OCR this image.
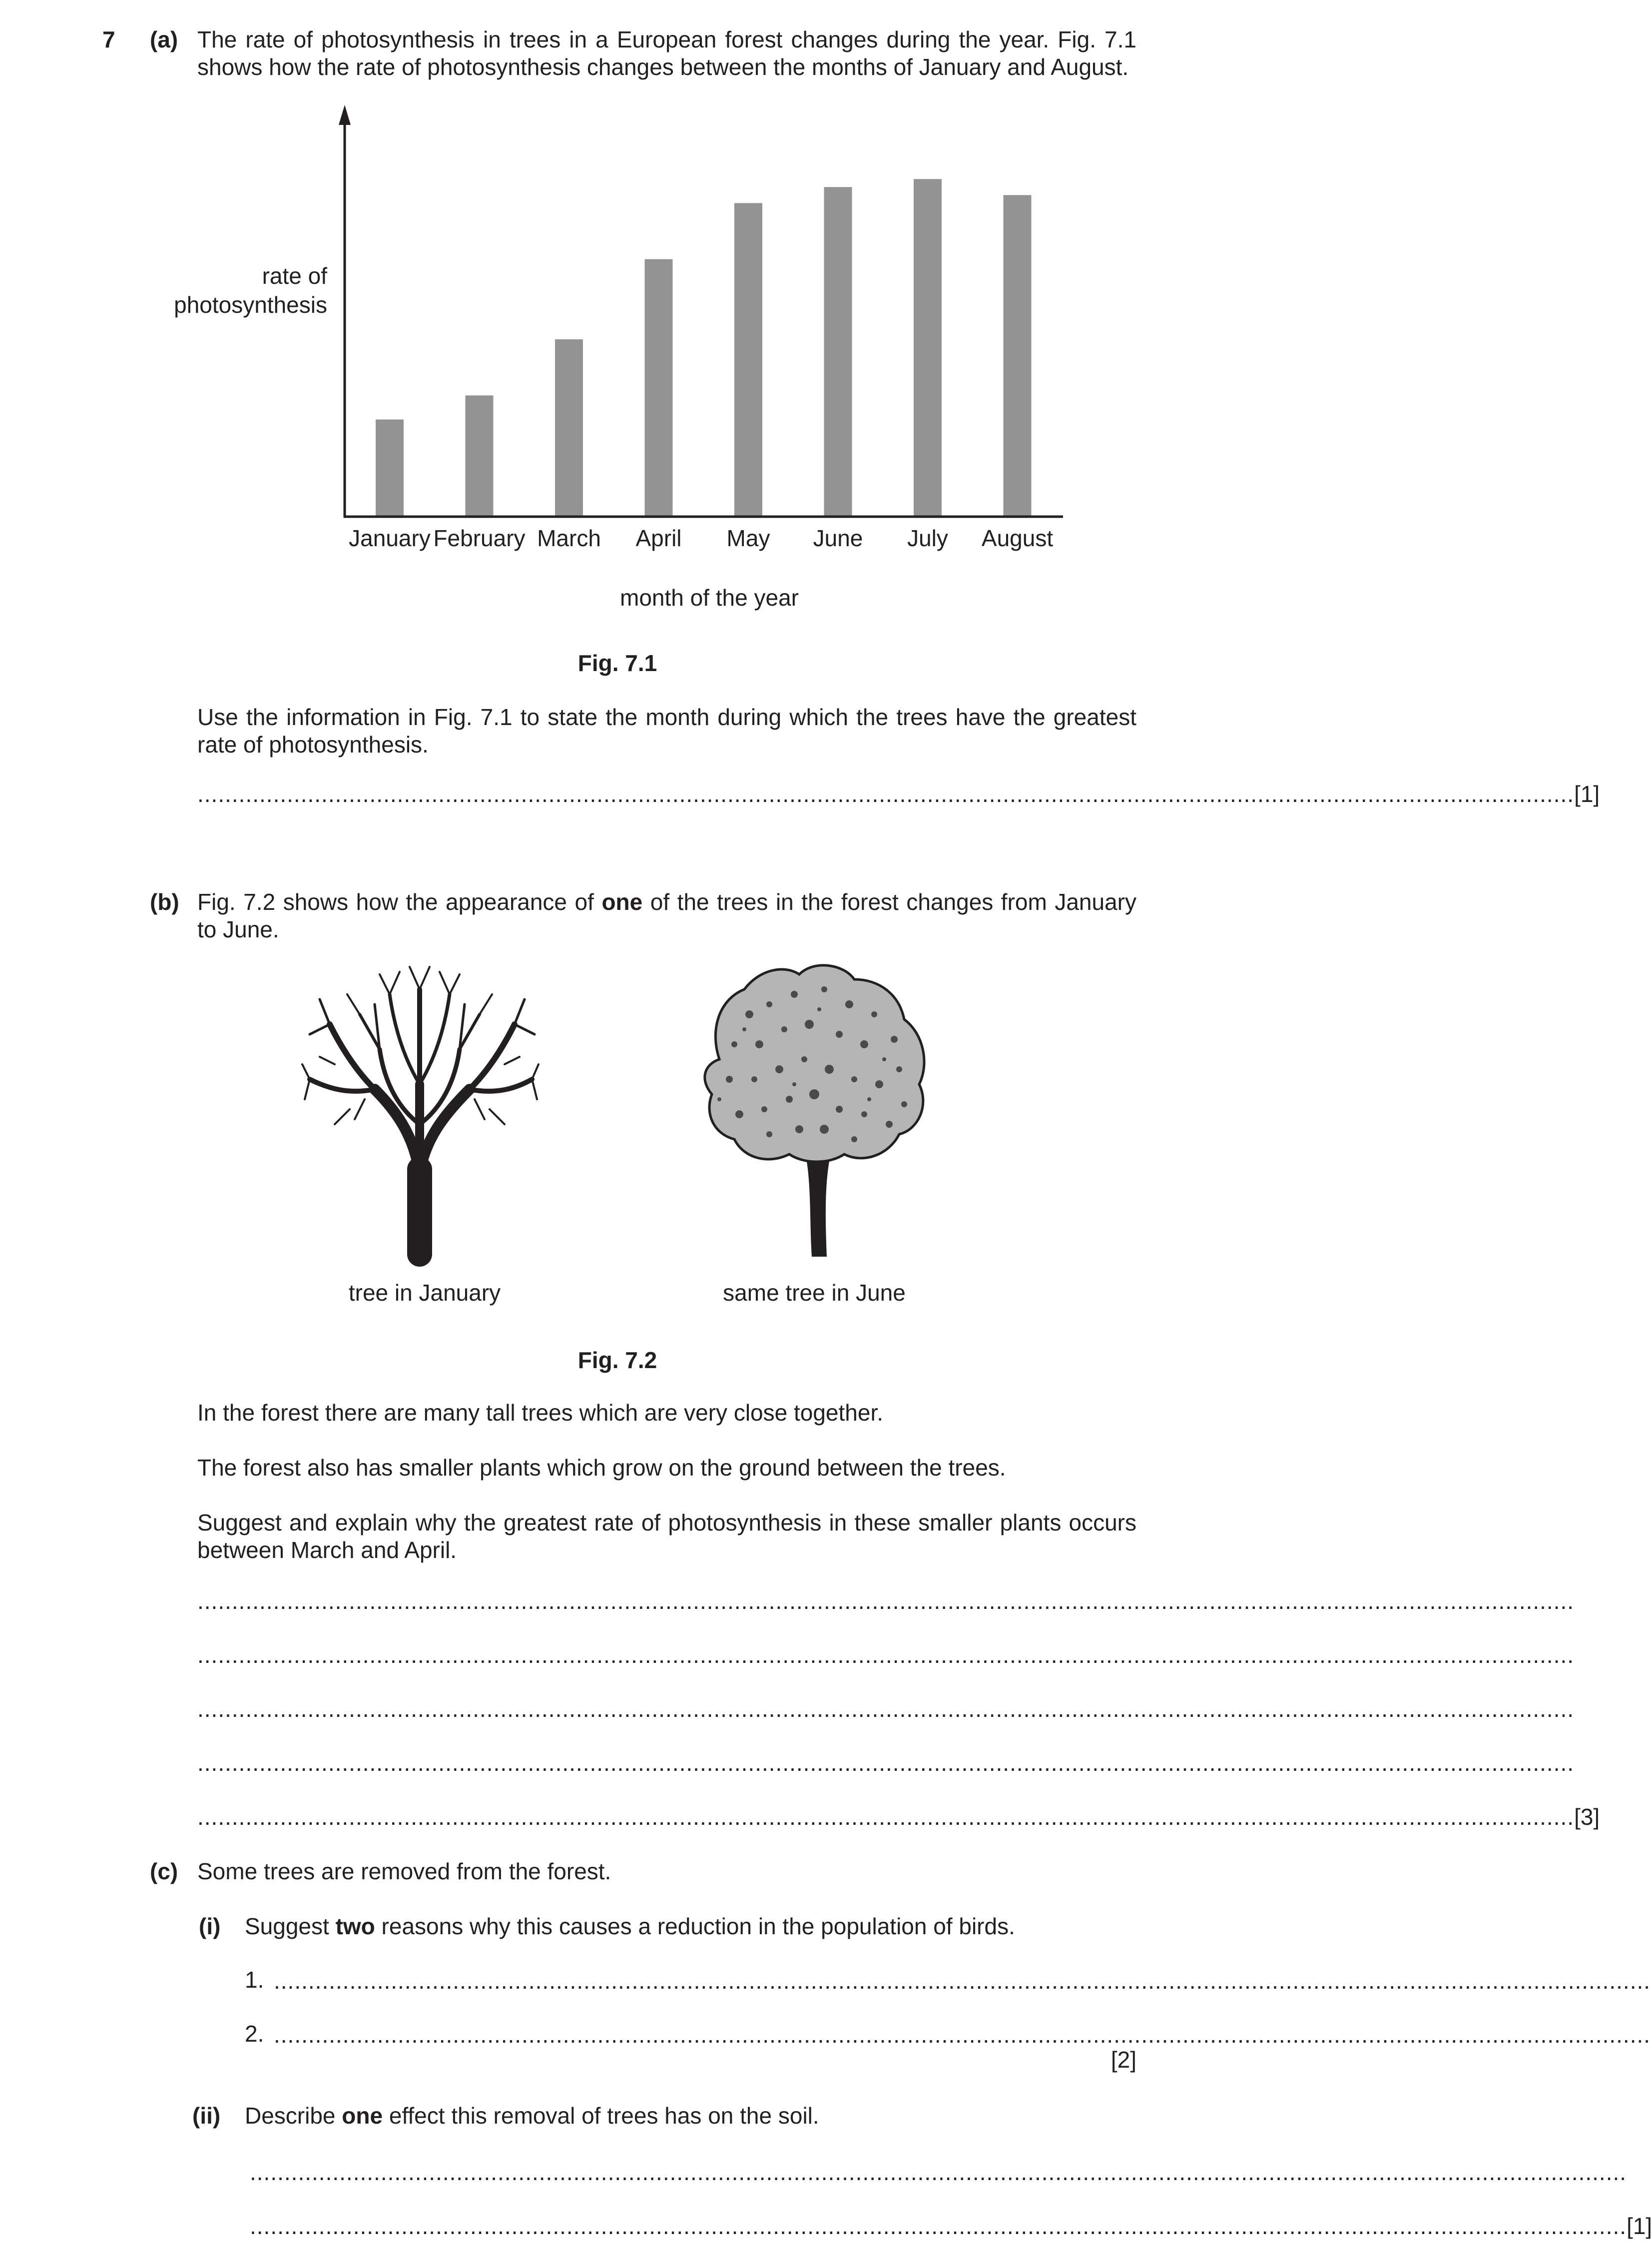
7 (a) The rate of photosynthesis in trees in a European forest changes during the year. Fig. 7.1 shows how the rate of photosynthesis changes between the months of January and August.
January February March April May June July August
rate of
photosynthesis
month of the year
Fig. 7.1
Use the information in Fig. 7.1 to state the month during which the trees have the greatest rate of photosynthesis.
........................................................................................................................................................................................................ [1]
(b) Fig. 7.2 shows how the appearance of one of the trees in the forest changes from January to June.
tree in January	same tree in June
Fig. 7.2
In the forest there are many tall trees which are very close together.
The forest also has smaller plants which grow on the ground between the trees.
Suggest and explain why the greatest rate of photosynthesis in these smaller plants occurs between March and April.
........................................................................................................................................................................................................
........................................................................................................................................................................................................
........................................................................................................................................................................................................
........................................................................................................................................................................................................
........................................................................................................................................................................................................ [3]
(c) Some trees are removed from the forest.
(i) Suggest two reasons why this causes a reduction in the population of birds.
1. ........................................................................................................................................................................................................
2. ........................................................................................................................................................................................................
[2]
(ii) Describe one effect this removal of trees has on the soil.
........................................................................................................................................................................................................
........................................................................................................................................................................................................ [1]
